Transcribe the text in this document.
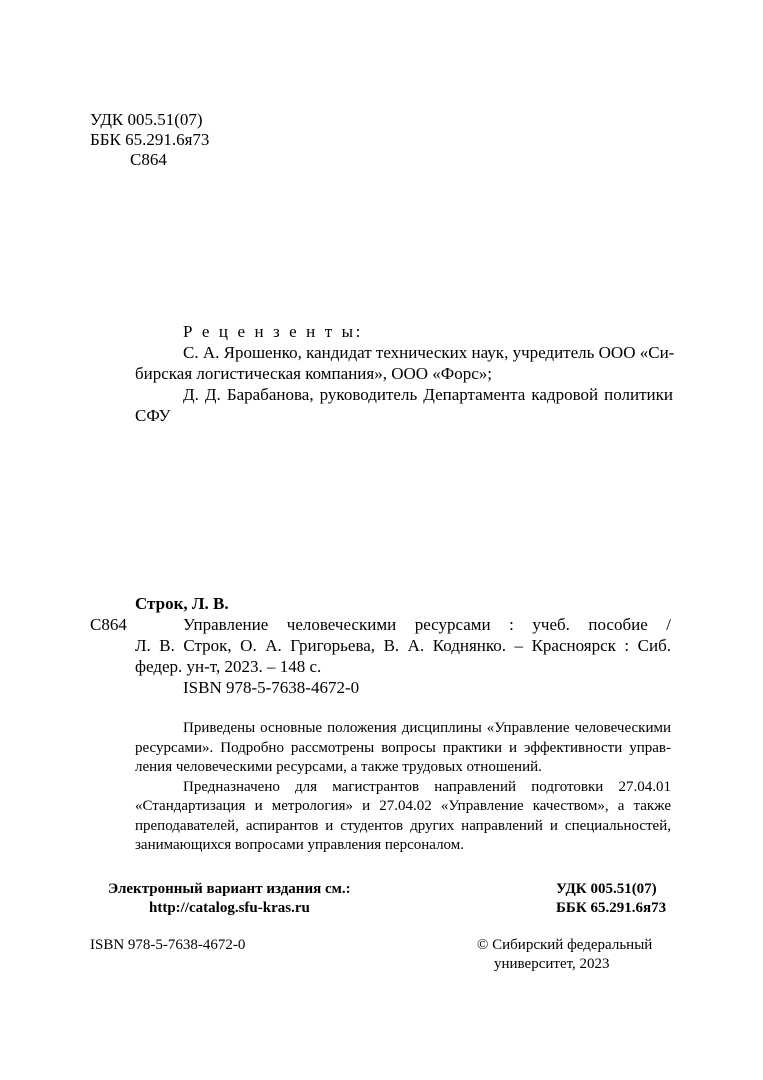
УДК 005.51(07)
ББК 65.291.6я73
С864
Р е ц е н з е н т ы:
С. А. Ярошенко, кандидат технических наук, учредитель ООО «Си-
бирская логистическая компания», ООО «Форс»;
Д. Д. Барабанова, руководитель Департамента кадровой политики
СФУ
Строк, Л. В.
С864	Управление человеческими ресурсами : учеб. пособие /
Л. В. Строк, О. А. Григорьева, В. А. Коднянко. – Красноярск : Сиб.
федер. ун-т, 2023. – 148 с.
ISBN 978-5-7638-4672-0
Приведены основные положения дисциплины «Управление человеческими
ресурсами». Подробно рассмотрены вопросы практики и эффективности управ-
ления человеческими ресурсами, а также трудовых отношений.
Предназначено для магистрантов направлений подготовки 27.04.01
«Стандартизация и метрология» и 27.04.02 «Управление качеством», а также
преподавателей, аспирантов и студентов других направлений и специальностей,
занимающихся вопросами управления персоналом.
Электронный вариант издания см.:
http://catalog.sfu-kras.ru
УДК 005.51(07)
ББК 65.291.6я73
ISBN 978-5-7638-4672-0	© Сибирский федеральный
университет, 2023
